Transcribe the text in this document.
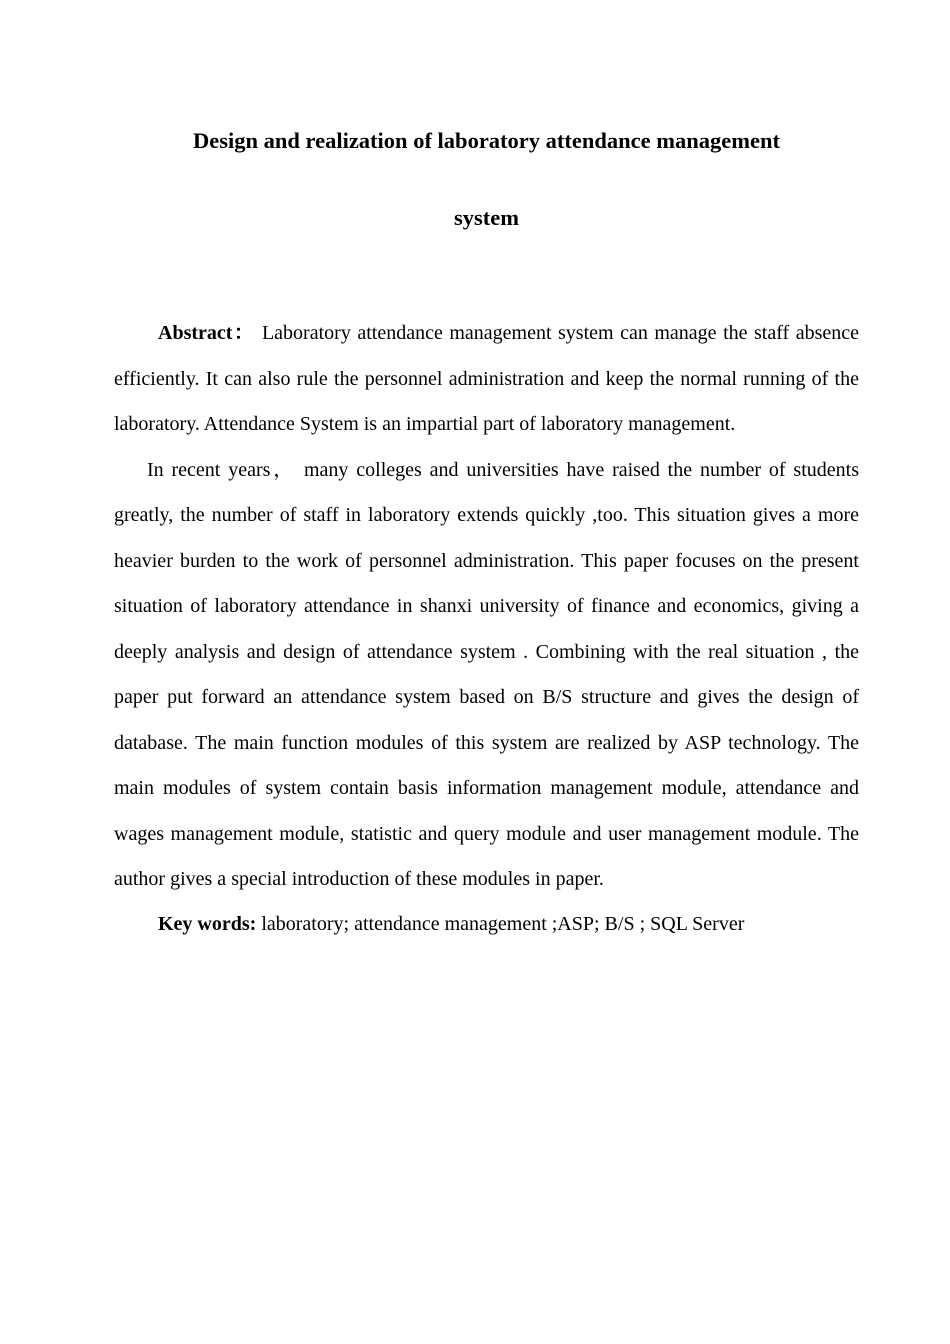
Design and realization of laboratory attendance management
system

Abstract： Laboratory attendance management system can manage the staff absence efficiently. It can also rule the personnel administration and keep the normal running of the laboratory. Attendance System is an impartial part of laboratory management.

In recent years， many colleges and universities have raised the number of students greatly, the number of staff in laboratory extends quickly ,too. This situation gives a more heavier burden to the work of personnel administration. This paper focuses on the present situation of laboratory attendance in shanxi university of finance and economics, giving a deeply analysis and design of attendance system . Combining with the real situation , the paper put forward an attendance system based on B/S structure and gives the design of database. The main function modules of this system are realized by ASP technology. The main modules of system contain basis information management module, attendance and wages management module, statistic and query module and user management module. The author gives a special introduction of these modules in paper.

Key words: laboratory; attendance management ;ASP; B/S ; SQL Server
